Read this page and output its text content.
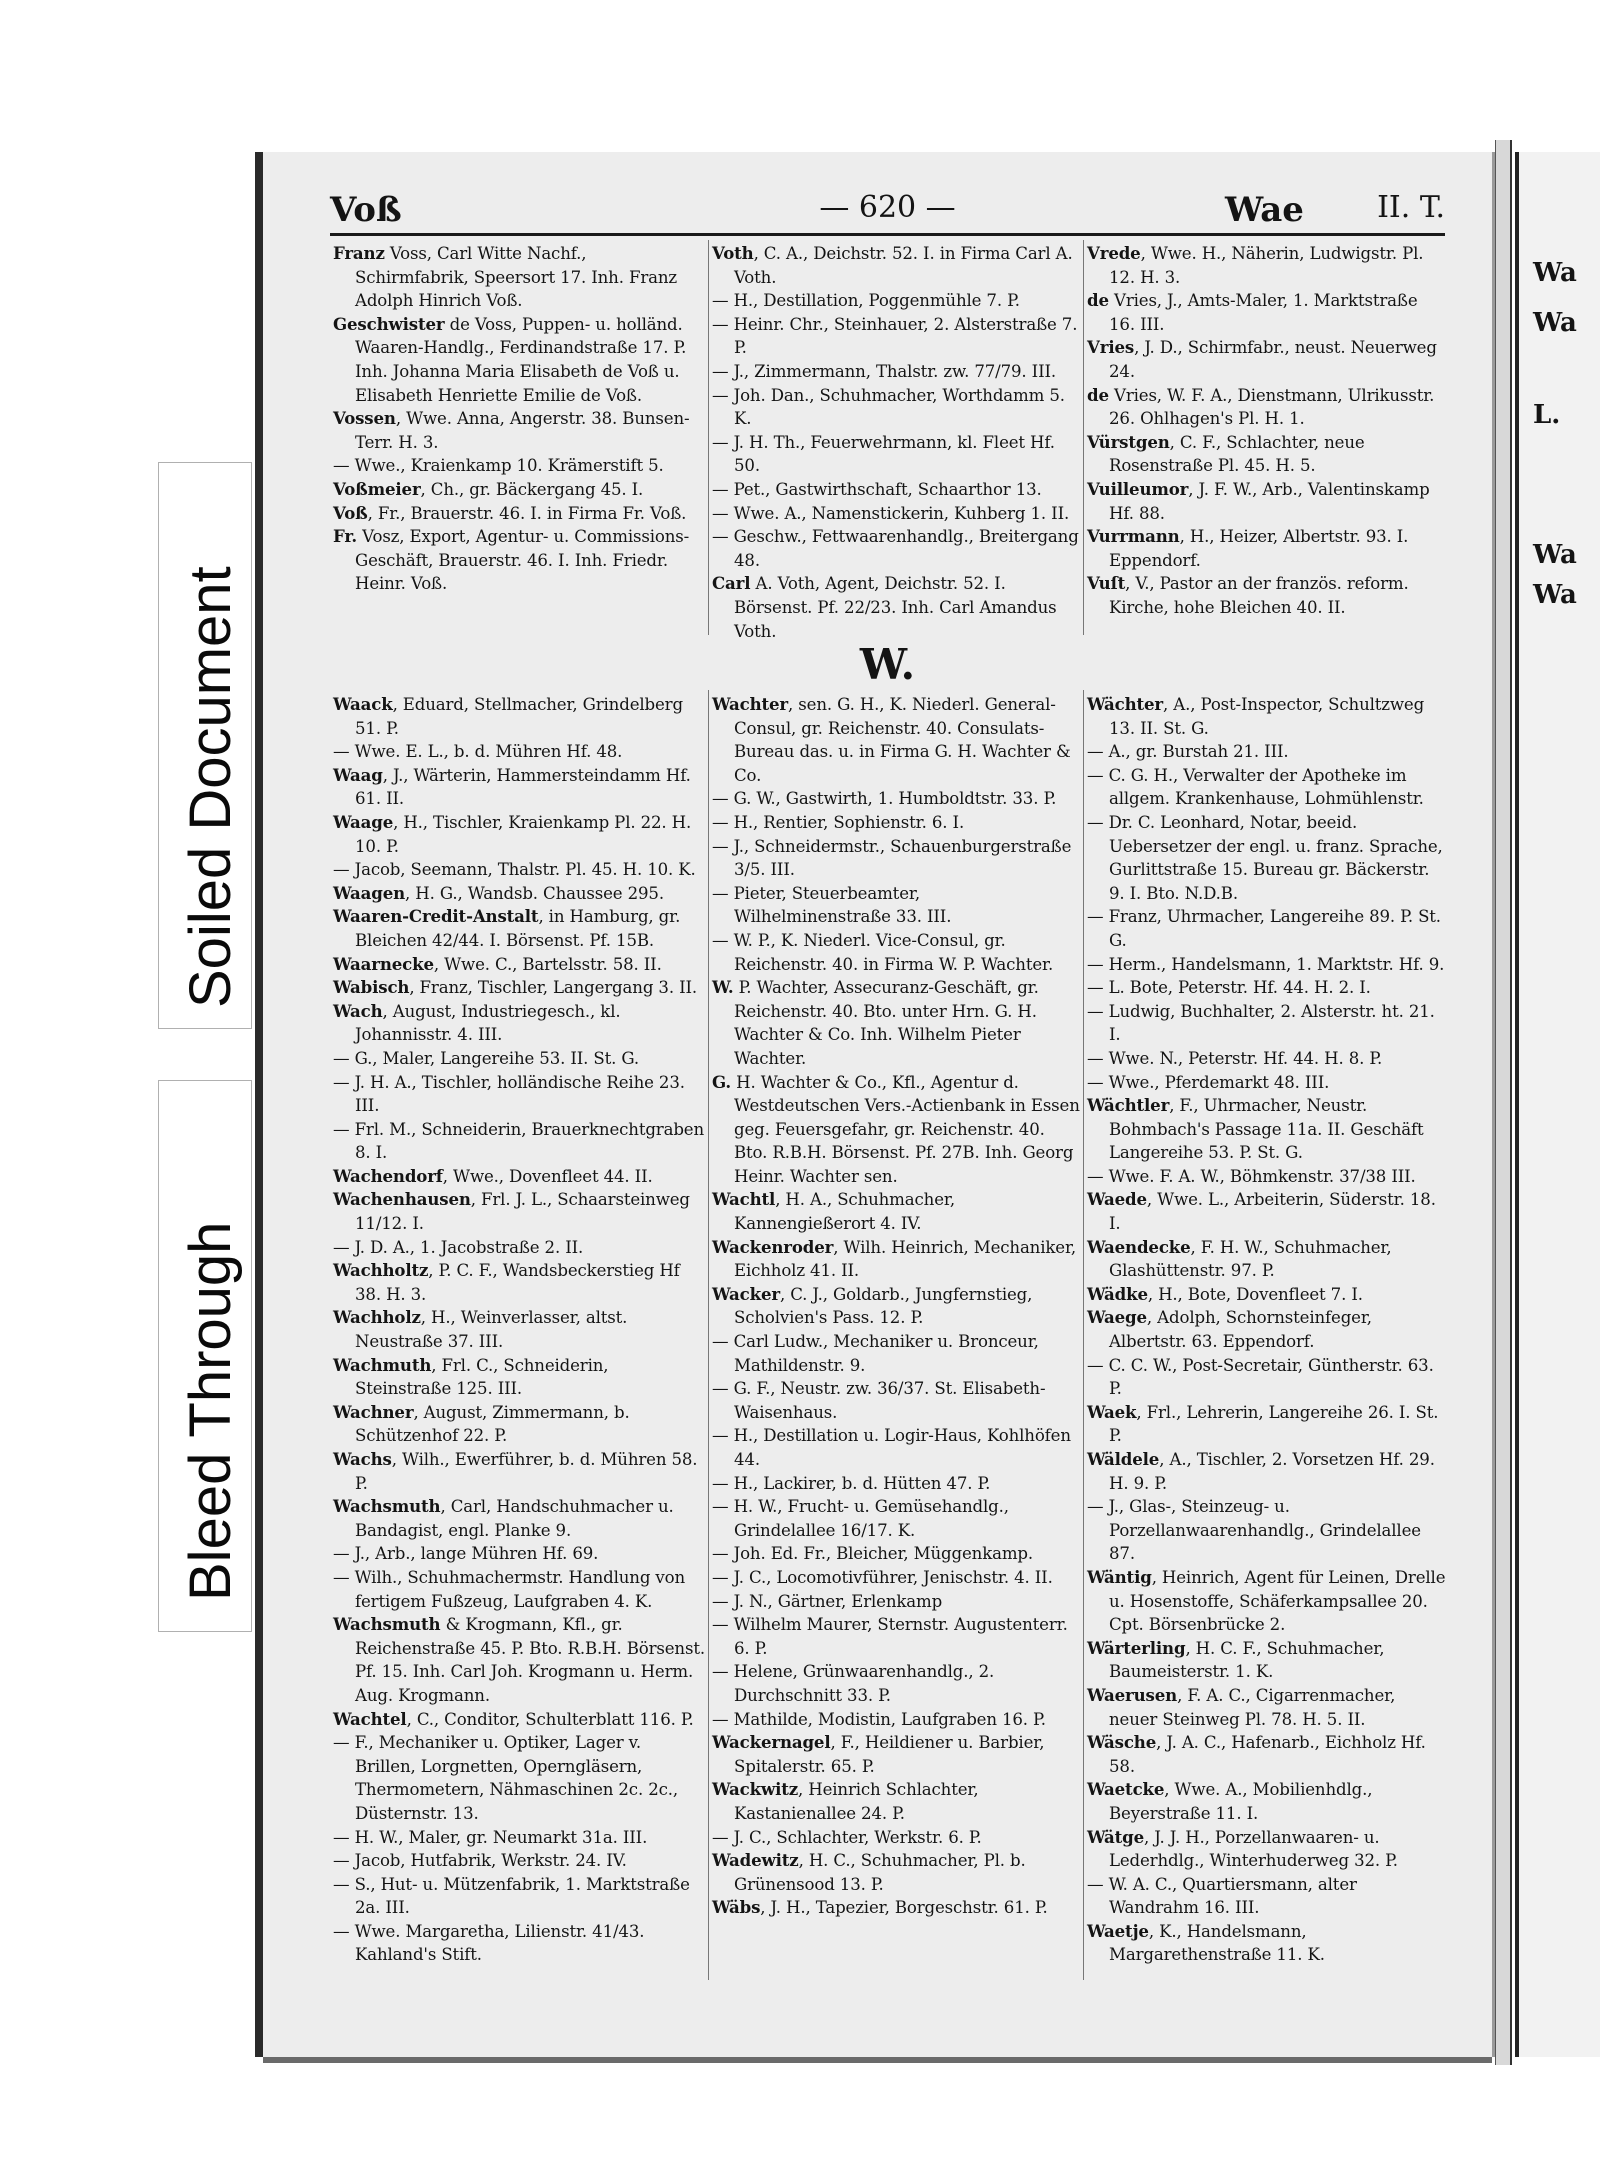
Wa
Wa
L.
Wa
Wa
Voß	— 620 —	Wae II. T.

Franz Voss, Carl Witte Nachf., Schirmfabrik, Speersort 17. Inh. Franz Adolph Hinrich Voß.

Geschwister de Voss, Puppen- u. holländ. Waaren-Handlg., Ferdinandstraße 17. P. Inh. Johanna Maria Elisabeth de Voß u. Elisabeth Henriette Emilie de Voß.

Vossen, Wwe. Anna, Angerstr. 38. Bunsen-Terr. H. 3.

— Wwe., Kraienkamp 10. Krämerstift 5.

Voßmeier, Ch., gr. Bäckergang 45. I.

Voß, Fr., Brauerstr. 46. I. in Firma Fr. Voß.

Fr. Vosz, Export, Agentur- u. Commissions-Geschäft, Brauerstr. 46. I. Inh. Friedr. Heinr. Voß.

Voth, C. A., Deichstr. 52. I. in Firma Carl A. Voth.

— H., Destillation, Poggenmühle 7. P.

— Heinr. Chr., Steinhauer, 2. Alsterstraße 7. P.

— J., Zimmermann, Thalstr. zw. 77/79. III.

— Joh. Dan., Schuhmacher, Worthdamm 5. K.

— J. H. Th., Feuerwehrmann, kl. Fleet Hf. 50.

— Pet., Gastwirthschaft, Schaarthor 13.

— Wwe. A., Namenstickerin, Kuhberg 1. II.

— Geschw., Fettwaarenhandlg., Breitergang 48.

Carl A. Voth, Agent, Deichstr. 52. I. Börsenst. Pf. 22/23. Inh. Carl Amandus Voth.

Vrede, Wwe. H., Näherin, Ludwigstr. Pl. 12. H. 3.

de Vries, J., Amts-Maler, 1. Marktstraße 16. III.

Vries, J. D., Schirmfabr., neust. Neuerweg 24.

de Vries, W. F. A., Dienstmann, Ulrikusstr. 26. Ohlhagen's Pl. H. 1.

Vürstgen, C. F., Schlachter, neue Rosenstraße Pl. 45. H. 5.

Vuilleumor, J. F. W., Arb., Valentinskamp Hf. 88.

Vurrmann, H., Heizer, Albertstr. 93. I. Eppendorf.

Vuſt, V., Pastor an der französ. reform. Kirche, hohe Bleichen 40. II.

W.

Waack, Eduard, Stellmacher, Grindelberg 51. P.

— Wwe. E. L., b. d. Mühren Hf. 48.

Waag, J., Wärterin, Hammersteindamm Hf. 61. II.

Waage, H., Tischler, Kraienkamp Pl. 22. H. 10. P.

— Jacob, Seemann, Thalstr. Pl. 45. H. 10. K.

Waagen, H. G., Wandsb. Chaussee 295.

Waaren-Credit-Anstalt, in Hamburg, gr. Bleichen 42/44. I. Börsenst. Pf. 15B.

Waarnecke, Wwe. C., Bartelsstr. 58. II.

Wabisch, Franz, Tischler, Langergang 3. II.

Wach, August, Industriegesch., kl. Johannisstr. 4. III.

— G., Maler, Langereihe 53. II. St. G.

— J. H. A., Tischler, holländische Reihe 23. III.

— Frl. M., Schneiderin, Brauerknechtgraben 8. I.

Wachendorf, Wwe., Dovenfleet 44. II.

Wachenhausen, Frl. J. L., Schaarsteinweg 11/12. I.

— J. D. A., 1. Jacobstraße 2. II.

Wachholtz, P. C. F., Wandsbeckerstieg Hf 38. H. 3.

Wachholz, H., Weinverlasser, altst. Neustraße 37. III.

Wachmuth, Frl. C., Schneiderin, Steinstraße 125. III.

Wachner, August, Zimmermann, b. Schützenhof 22. P.

Wachs, Wilh., Ewerführer, b. d. Mühren 58. P.

Wachsmuth, Carl, Handschuhmacher u. Bandagist, engl. Planke 9.

— J., Arb., lange Mühren Hf. 69.

— Wilh., Schuhmachermstr. Handlung von fertigem Fußzeug, Laufgraben 4. K.

Wachsmuth & Krogmann, Kfl., gr. Reichenstraße 45. P. Bto. R.B.H. Börsenst. Pf. 15. Inh. Carl Joh. Krogmann u. Herm. Aug. Krogmann.

Wachtel, C., Conditor, Schulterblatt 116. P.

— F., Mechaniker u. Optiker, Lager v. Brillen, Lorgnetten, Operngläsern, Thermometern, Nähmaschinen 2c. 2c., Düsternstr. 13.

— H. W., Maler, gr. Neumarkt 31a. III.

— Jacob, Hutfabrik, Werkstr. 24. IV.

— S., Hut- u. Mützenfabrik, 1. Marktstraße 2a. III.

— Wwe. Margaretha, Lilienstr. 41/43. Kahland's Stift.

Wachter, sen. G. H., K. Niederl. General-Consul, gr. Reichenstr. 40. Consulats-Bureau das. u. in Firma G. H. Wachter & Co.

— G. W., Gastwirth, 1. Humboldtstr. 33. P.

— H., Rentier, Sophienstr. 6. I.

— J., Schneidermstr., Schauenburgerstraße 3/5. III.

— Pieter, Steuerbeamter, Wilhelminenstraße 33. III.

— W. P., K. Niederl. Vice-Consul, gr. Reichenstr. 40. in Firma W. P. Wachter.

W. P. Wachter, Assecuranz-Geschäft, gr. Reichenstr. 40. Bto. unter Hrn. G. H. Wachter & Co. Inh. Wilhelm Pieter Wachter.

G. H. Wachter & Co., Kfl., Agentur d. Westdeutschen Vers.-Actienbank in Essen geg. Feuersgefahr, gr. Reichenstr. 40. Bto. R.B.H. Börsenst. Pf. 27B. Inh. Georg Heinr. Wachter sen.

Wachtl, H. A., Schuhmacher, Kannengießerort 4. IV.

Wackenroder, Wilh. Heinrich, Mechaniker, Eichholz 41. II.

Wacker, C. J., Goldarb., Jungfernstieg, Scholvien's Pass. 12. P.

— Carl Ludw., Mechaniker u. Bronceur, Mathildenstr. 9.

— G. F., Neustr. zw. 36/37. St. Elisabeth-Waisenhaus.

— H., Destillation u. Logir-Haus, Kohlhöfen 44.

— H., Lackirer, b. d. Hütten 47. P.

— H. W., Frucht- u. Gemüsehandlg., Grindelallee 16/17. K.

— Joh. Ed. Fr., Bleicher, Müggenkamp.

— J. C., Locomotivführer, Jenischstr. 4. II.

— J. N., Gärtner, Erlenkamp

— Wilhelm Maurer, Sternstr. Augustenterr. 6. P.

— Helene, Grünwaarenhandlg., 2. Durchschnitt 33. P.

— Mathilde, Modistin, Laufgraben 16. P.

Wackernagel, F., Heildiener u. Barbier, Spitalerstr. 65. P.

Wackwitz, Heinrich Schlachter, Kastanienallee 24. P.

— J. C., Schlachter, Werkstr. 6. P.

Wadewitz, H. C., Schuhmacher, Pl. b. Grünensood 13. P.

Wäbs, J. H., Tapezier, Borgeschstr. 61. P.

Wächter, A., Post-Inspector, Schultzweg 13. II. St. G.

— A., gr. Burstah 21. III.

— C. G. H., Verwalter der Apotheke im allgem. Krankenhause, Lohmühlenstr.

— Dr. C. Leonhard, Notar, beeid. Uebersetzer der engl. u. franz. Sprache, Gurlittstraße 15. Bureau gr. Bäckerstr. 9. I. Bto. N.D.B.

— Franz, Uhrmacher, Langereihe 89. P. St. G.

— Herm., Handelsmann, 1. Marktstr. Hf. 9.

— L. Bote, Peterstr. Hf. 44. H. 2. I.

— Ludwig, Buchhalter, 2. Alsterstr. ht. 21. I.

— Wwe. N., Peterstr. Hf. 44. H. 8. P.

— Wwe., Pferdemarkt 48. III.

Wächtler, F., Uhrmacher, Neustr. Bohmbach's Passage 11a. II. Geschäft Langereihe 53. P. St. G.

— Wwe. F. A. W., Böhmkenstr. 37/38 III.

Waede, Wwe. L., Arbeiterin, Süderstr. 18. I.

Waendecke, F. H. W., Schuhmacher, Glashüttenstr. 97. P.

Wädke, H., Bote, Dovenfleet 7. I.

Waege, Adolph, Schornsteinfeger, Albertstr. 63. Eppendorf.

— C. C. W., Post-Secretair, Güntherstr. 63. P.

Waek, Frl., Lehrerin, Langereihe 26. I. St. P.

Wäldele, A., Tischler, 2. Vorsetzen Hf. 29. H. 9. P.

— J., Glas-, Steinzeug- u. Porzellanwaarenhandlg., Grindelallee 87.

Wäntig, Heinrich, Agent für Leinen, Drelle u. Hosenstoffe, Schäferkampsallee 20. Cpt. Börsenbrücke 2.

Wärterling, H. C. F., Schuhmacher, Baumeisterstr. 1. K.

Waerusen, F. A. C., Cigarrenmacher, neuer Steinweg Pl. 78. H. 5. II.

Wäsche, J. A. C., Hafenarb., Eichholz Hf. 58.

Waetcke, Wwe. A., Mobilienhdlg., Beyerstraße 11. I.

Wätge, J. J. H., Porzellanwaaren- u. Lederhdlg., Winterhuderweg 32. P.

— W. A. C., Quartiersmann, alter Wandrahm 16. III.

Waetje, K., Handelsmann, Margarethenstraße 11. K.

Bleed Through
Soiled Document
